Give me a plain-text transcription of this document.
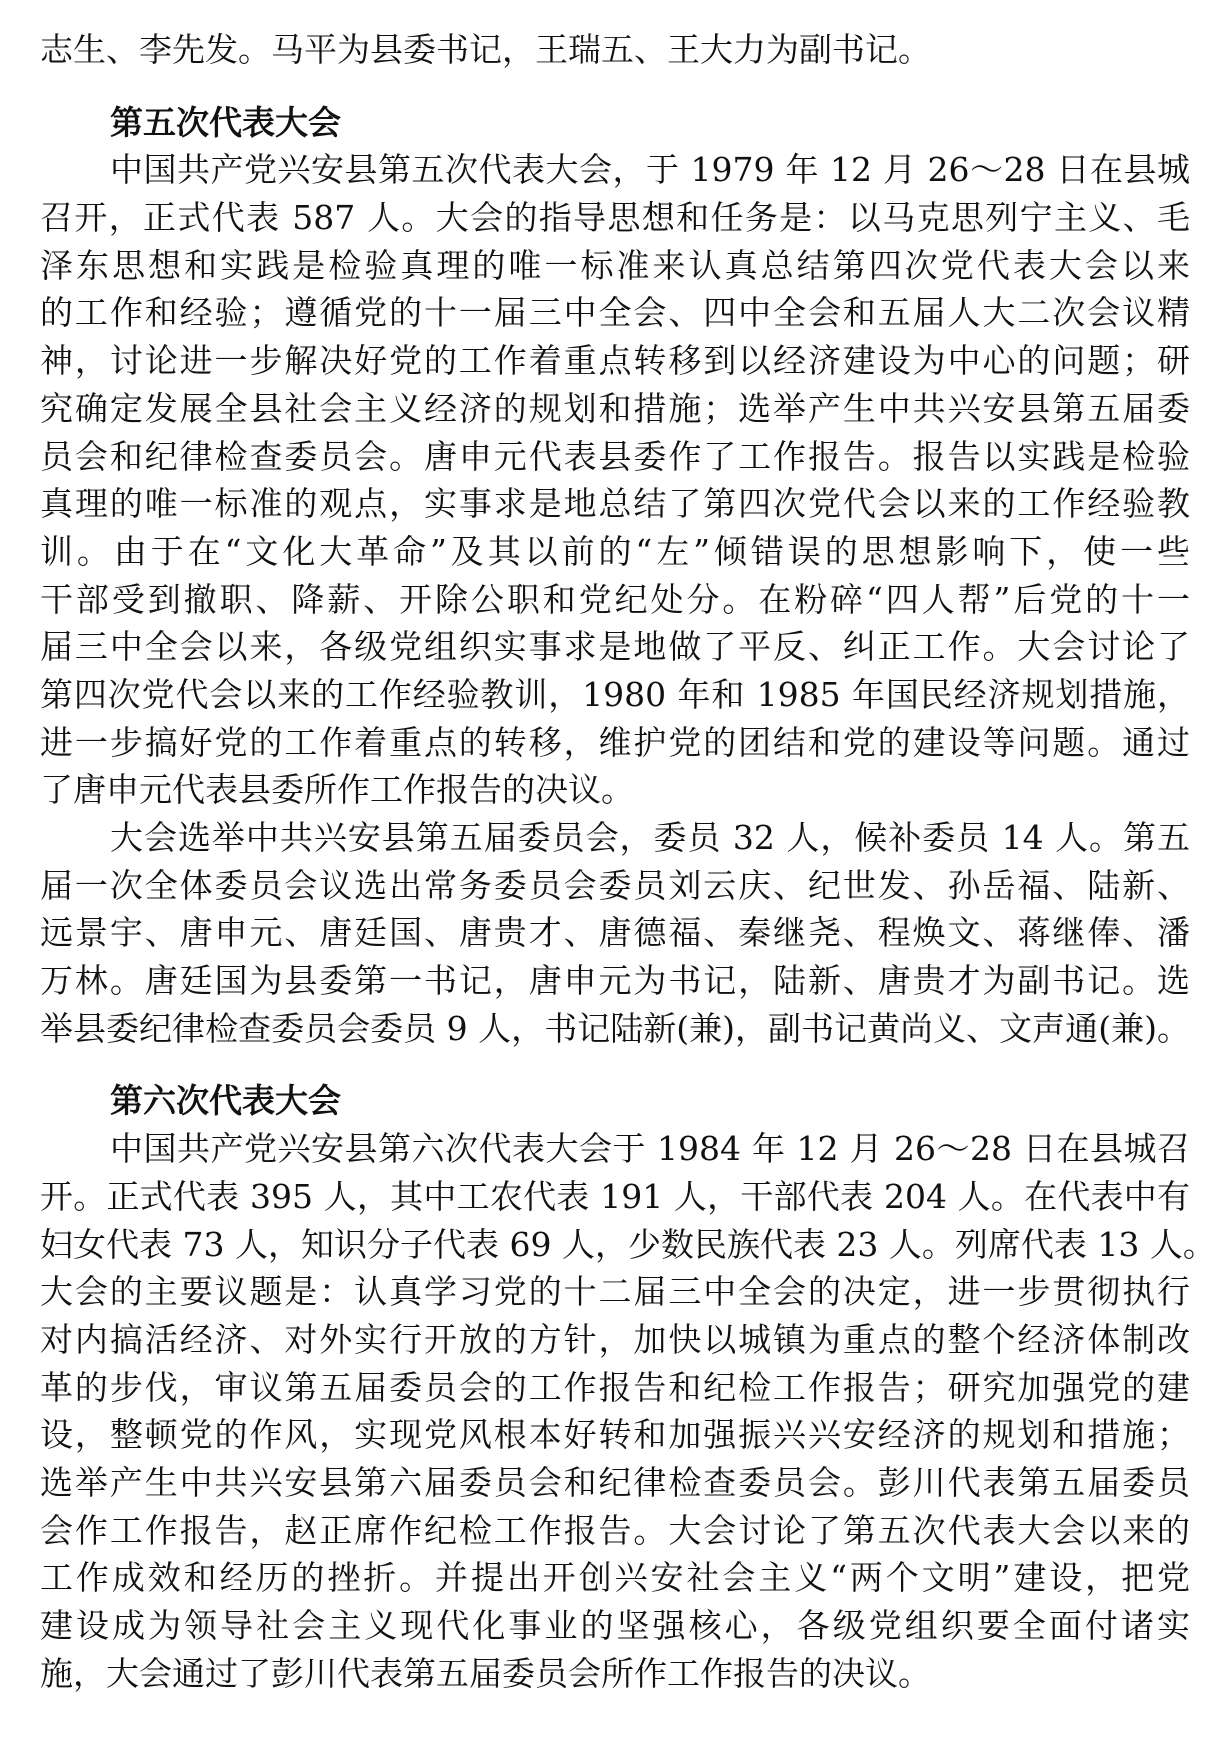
志生、李先发。马平为县委书记，王瑞五、王大力为副书记。
第五次代表大会
中国共产党兴安县第五次代表大会，于 1979 年 12 月 26～28 日在县城
召开，正式代表 587 人。大会的指导思想和任务是：以马克思列宁主义、毛
泽东思想和实践是检验真理的唯一标准来认真总结第四次党代表大会以来
的工作和经验；遵循党的十一届三中全会、四中全会和五届人大二次会议精
神，讨论进一步解决好党的工作着重点转移到以经济建设为中心的问题；研
究确定发展全县社会主义经济的规划和措施；选举产生中共兴安县第五届委
员会和纪律检查委员会。唐申元代表县委作了工作报告。报告以实践是检验
真理的唯一标准的观点，实事求是地总结了第四次党代会以来的工作经验教
训。由于在“文化大革命”及其以前的“左”倾错误的思想影响下，使一些
干部受到撤职、降薪、开除公职和党纪处分。在粉碎“四人帮”后党的十一
届三中全会以来，各级党组织实事求是地做了平反、纠正工作。大会讨论了
第四次党代会以来的工作经验教训，1980 年和 1985 年国民经济规划措施，
进一步搞好党的工作着重点的转移，维护党的团结和党的建设等问题。通过
了唐申元代表县委所作工作报告的决议。
大会选举中共兴安县第五届委员会，委员 32 人，候补委员 14 人。第五
届一次全体委员会议选出常务委员会委员刘云庆、纪世发、孙岳福、陆新、
远景宇、唐申元、唐廷国、唐贵才、唐德福、秦继尧、程焕文、蒋继俸、潘
万林。唐廷国为县委第一书记，唐申元为书记，陆新、唐贵才为副书记。选
举县委纪律检查委员会委员 9 人，书记陆新(兼)，副书记黄尚义、文声通(兼)。
第六次代表大会
中国共产党兴安县第六次代表大会于 1984 年 12 月 26～28 日在县城召
开。正式代表 395 人，其中工农代表 191 人，干部代表 204 人。在代表中有
妇女代表 73 人，知识分子代表 69 人，少数民族代表 23 人。列席代表 13 人。
大会的主要议题是：认真学习党的十二届三中全会的决定，进一步贯彻执行
对内搞活经济、对外实行开放的方针，加快以城镇为重点的整个经济体制改
革的步伐，审议第五届委员会的工作报告和纪检工作报告；研究加强党的建
设，整顿党的作风，实现党风根本好转和加强振兴兴安经济的规划和措施；
选举产生中共兴安县第六届委员会和纪律检查委员会。彭川代表第五届委员
会作工作报告，赵正席作纪检工作报告。大会讨论了第五次代表大会以来的
工作成效和经历的挫折。并提出开创兴安社会主义“两个文明”建设，把党
建设成为领导社会主义现代化事业的坚强核心，各级党组织要全面付诸实
施，大会通过了彭川代表第五届委员会所作工作报告的决议。
